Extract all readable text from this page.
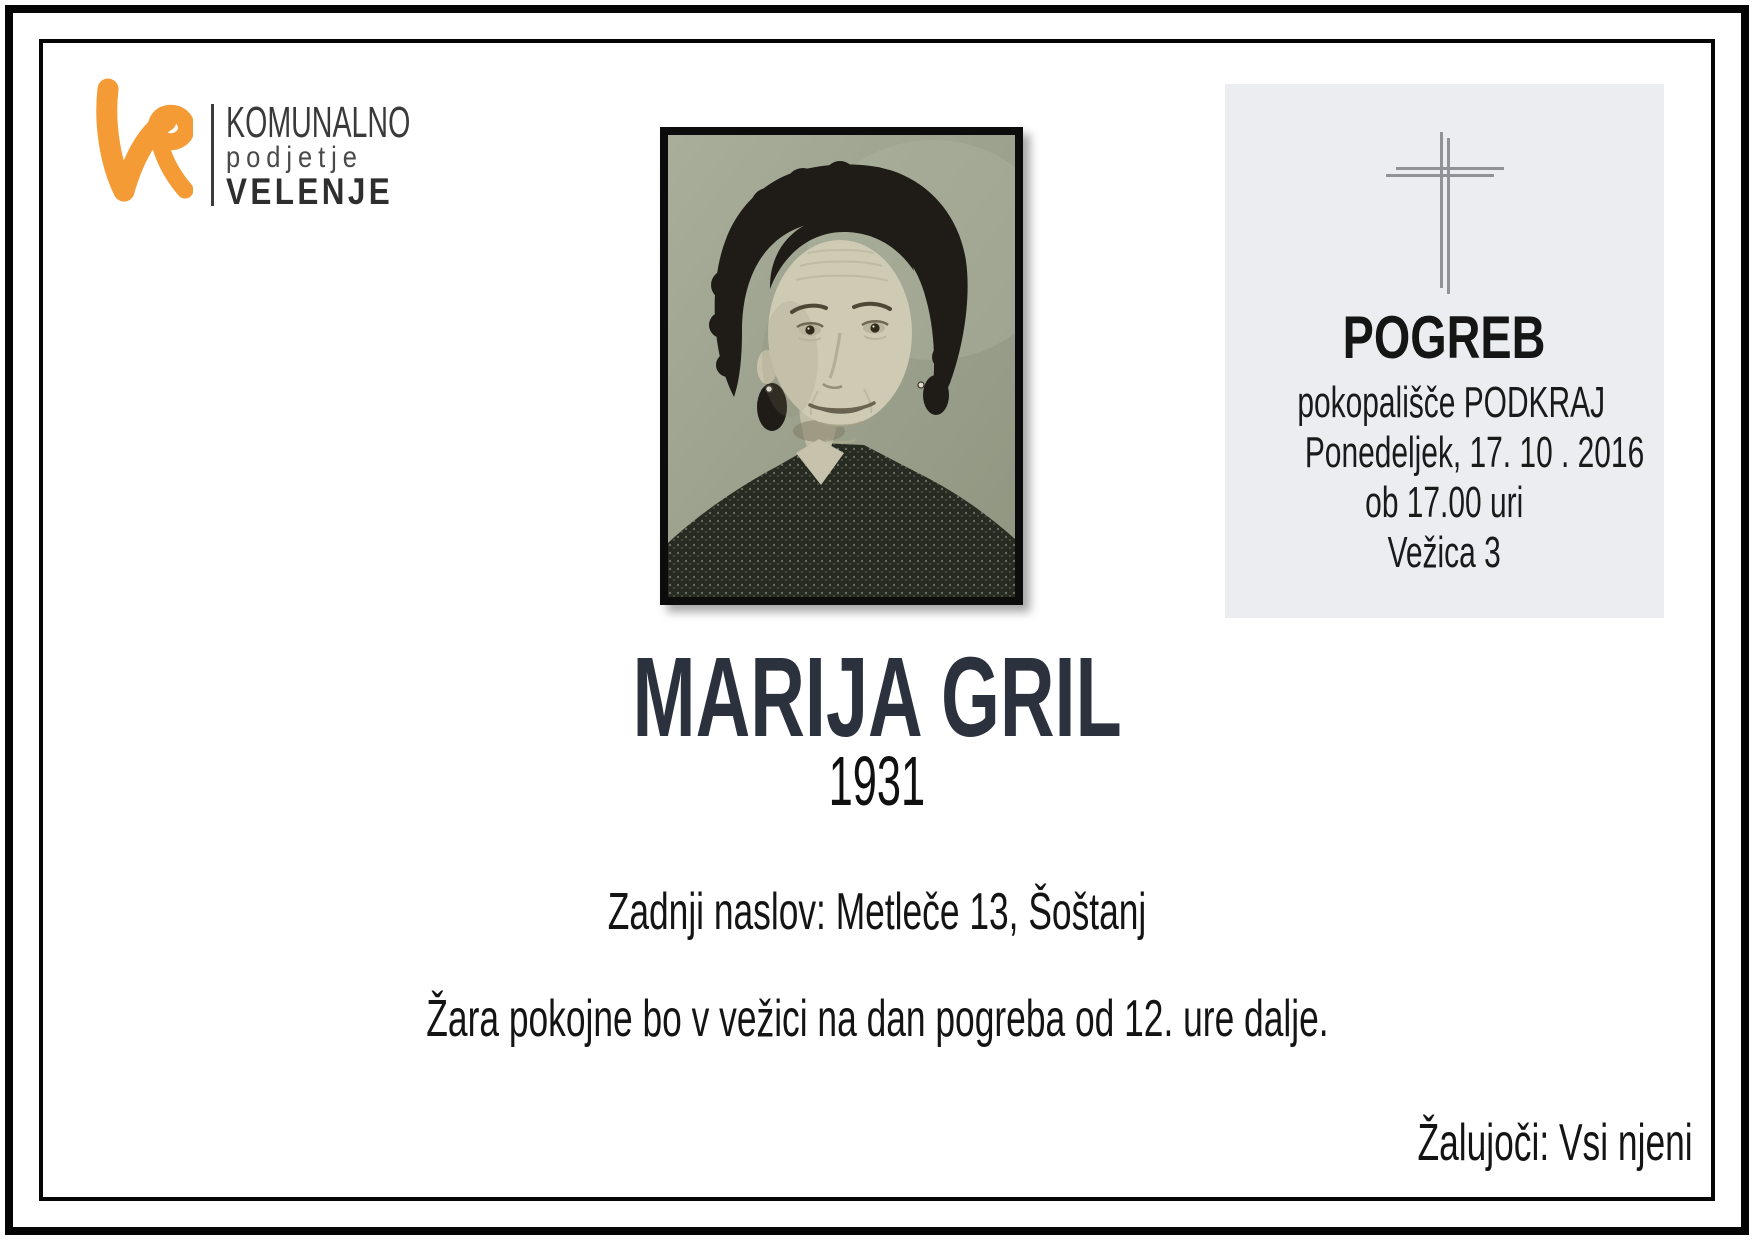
KOMUNALNO
podjetje
VELENJE
POGREB
pokopališče PODKRAJ
Ponedeljek, 17. 10 . 2016
ob 17.00 uri
Vežica 3
MARIJA GRIL
1931
Zadnji naslov: Metleče 13, Šoštanj
Žara pokojne bo v vežici na dan pogreba od 12. ure dalje.
Žalujoči: Vsi njeni
